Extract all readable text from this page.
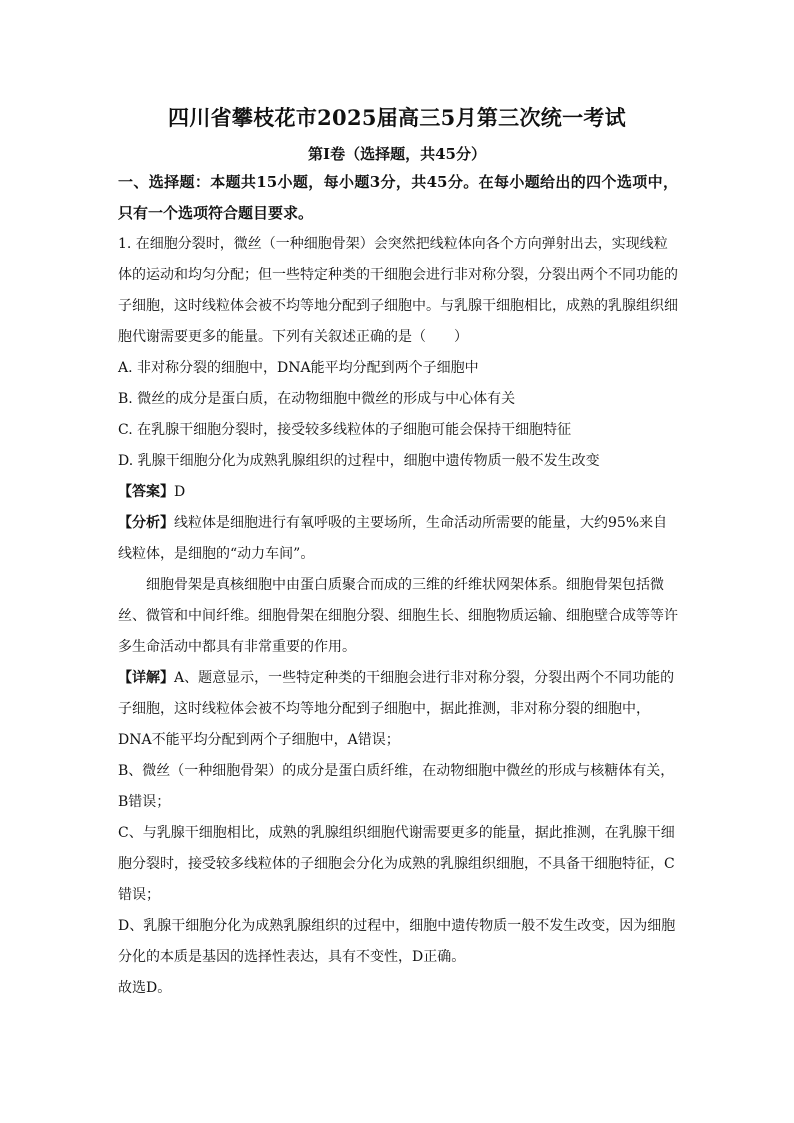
四川省攀枝花市2025届高三5月第三次统一考试
第I卷（选择题，共45分）

一、选择题：本题共15小题，每小题3分，共45分。在每小题给出的四个选项中，只有一个选项符合题目要求。

1. 在细胞分裂时，微丝（一种细胞骨架）会突然把线粒体向各个方向弹射出去，实现线粒体的运动和均匀分配；但一些特定种类的干细胞会进行非对称分裂，分裂出两个不同功能的子细胞，这时线粒体会被不均等地分配到子细胞中。与乳腺干细胞相比，成熟的乳腺组织细胞代谢需要更多的能量。下列有关叙述正确的是（　　）

A. 非对称分裂的细胞中，DNA能平均分配到两个子细胞中

B. 微丝的成分是蛋白质，在动物细胞中微丝的形成与中心体有关

C. 在乳腺干细胞分裂时，接受较多线粒体的子细胞可能会保持干细胞特征

D. 乳腺干细胞分化为成熟乳腺组织的过程中，细胞中遗传物质一般不发生改变

【答案】D

【分析】线粒体是细胞进行有氧呼吸的主要场所，生命活动所需要的能量，大约95%来自线粒体，是细胞的“动力车间”。

细胞骨架是真核细胞中由蛋白质聚合而成的三维的纤维状网架体系。细胞骨架包括微丝、微管和中间纤维。细胞骨架在细胞分裂、细胞生长、细胞物质运输、细胞壁合成等等许多生命活动中都具有非常重要的作用。

【详解】A、题意显示，一些特定种类的干细胞会进行非对称分裂，分裂出两个不同功能的子细胞，这时线粒体会被不均等地分配到子细胞中，据此推测，非对称分裂的细胞中，DNA不能平均分配到两个子细胞中，A错误；

B、微丝（一种细胞骨架）的成分是蛋白质纤维，在动物细胞中微丝的形成与核糖体有关，B错误；

C、与乳腺干细胞相比，成熟的乳腺组织细胞代谢需要更多的能量，据此推测，在乳腺干细胞分裂时，接受较多线粒体的子细胞会分化为成熟的乳腺组织细胞，不具备干细胞特征，C错误；

D、乳腺干细胞分化为成熟乳腺组织的过程中，细胞中遗传物质一般不发生改变，因为细胞分化的本质是基因的选择性表达，具有不变性，D正确。

故选D。
